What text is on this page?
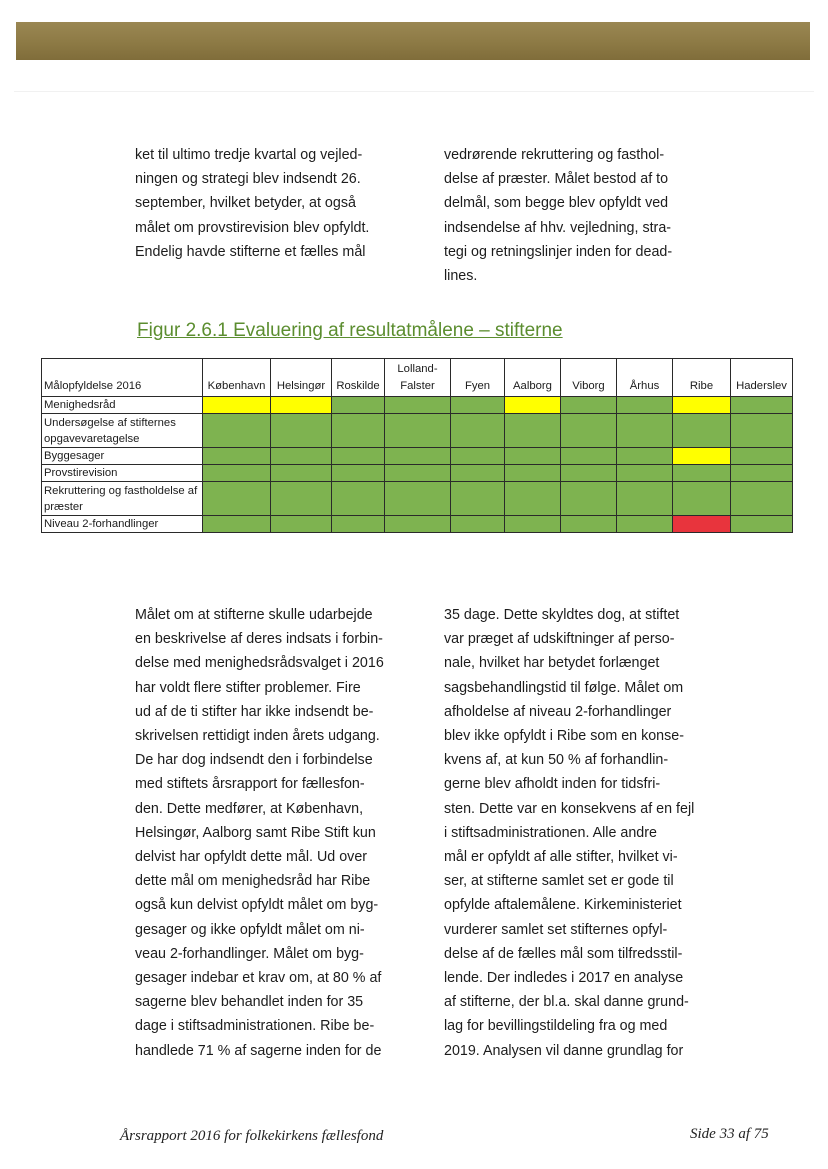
ket til ultimo tredje kvartal og vejled-
ningen og strategi blev indsendt 26.
september, hvilket betyder, at også
målet om provstirevision blev opfyldt.
Endelig havde stifterne et fælles mål

vedrørende rekruttering og fasthol-
delse af præster. Målet bestod af to
delmål, som begge blev opfyldt ved
indsendelse af hhv. vejledning, stra-
tegi og retningslinjer inden for dead-
lines.

Figur 2.6.1 Evaluering af resultatmålene – stifterne
Målopfyldelse 2016	København	Helsingør	Roskilde	Lolland-
Falster	Fyen	Aalborg	Viborg	Århus	Ribe	Haderslev
Menighedsråd										
Undersøgelse af stifternes opgavevaretagelse										
Byggesager										
Provstirevision										
Rekruttering og fastholdelse af præster										
Niveau 2-forhandlinger										

Målet om at stifterne skulle udarbejde
en beskrivelse af deres indsats i forbin-
delse med menighedsrådsvalget i 2016
har voldt flere stifter problemer. Fire
ud af de ti stifter har ikke indsendt be-
skrivelsen rettidigt inden årets udgang.
De har dog indsendt den i forbindelse
med stiftets årsrapport for fællesfon-
den. Dette medfører, at København,
Helsingør, Aalborg samt Ribe Stift kun
delvist har opfyldt dette mål. Ud over
dette mål om menighedsråd har Ribe
også kun delvist opfyldt målet om byg-
gesager og ikke opfyldt målet om ni-
veau 2-forhandlinger. Målet om byg-
gesager indebar et krav om, at 80 % af
sagerne blev behandlet inden for 35
dage i stiftsadministrationen. Ribe be-
handlede 71 % af sagerne inden for de

35 dage. Dette skyldtes dog, at stiftet
var præget af udskiftninger af perso-
nale, hvilket har betydet forlænget
sagsbehandlingstid til følge. Målet om
afholdelse af niveau 2-forhandlinger
blev ikke opfyldt i Ribe som en konse-
kvens af, at kun 50 % af forhandlin-
gerne blev afholdt inden for tidsfri-
sten. Dette var en konsekvens af en fejl
i stiftsadministrationen. Alle andre
mål er opfyldt af alle stifter, hvilket vi-
ser, at stifterne samlet set er gode til
opfylde aftalemålene. Kirkeministeriet
vurderer samlet set stifternes opfyl-
delse af de fælles mål som tilfredsstil-
lende. Der indledes i 2017 en analyse
af stifterne, der bl.a. skal danne grund-
lag for bevillingstildeling fra og med
2019. Analysen vil danne grundlag for

Årsrapport 2016 for folkekirkens fællesfond	Side 33 af 75
